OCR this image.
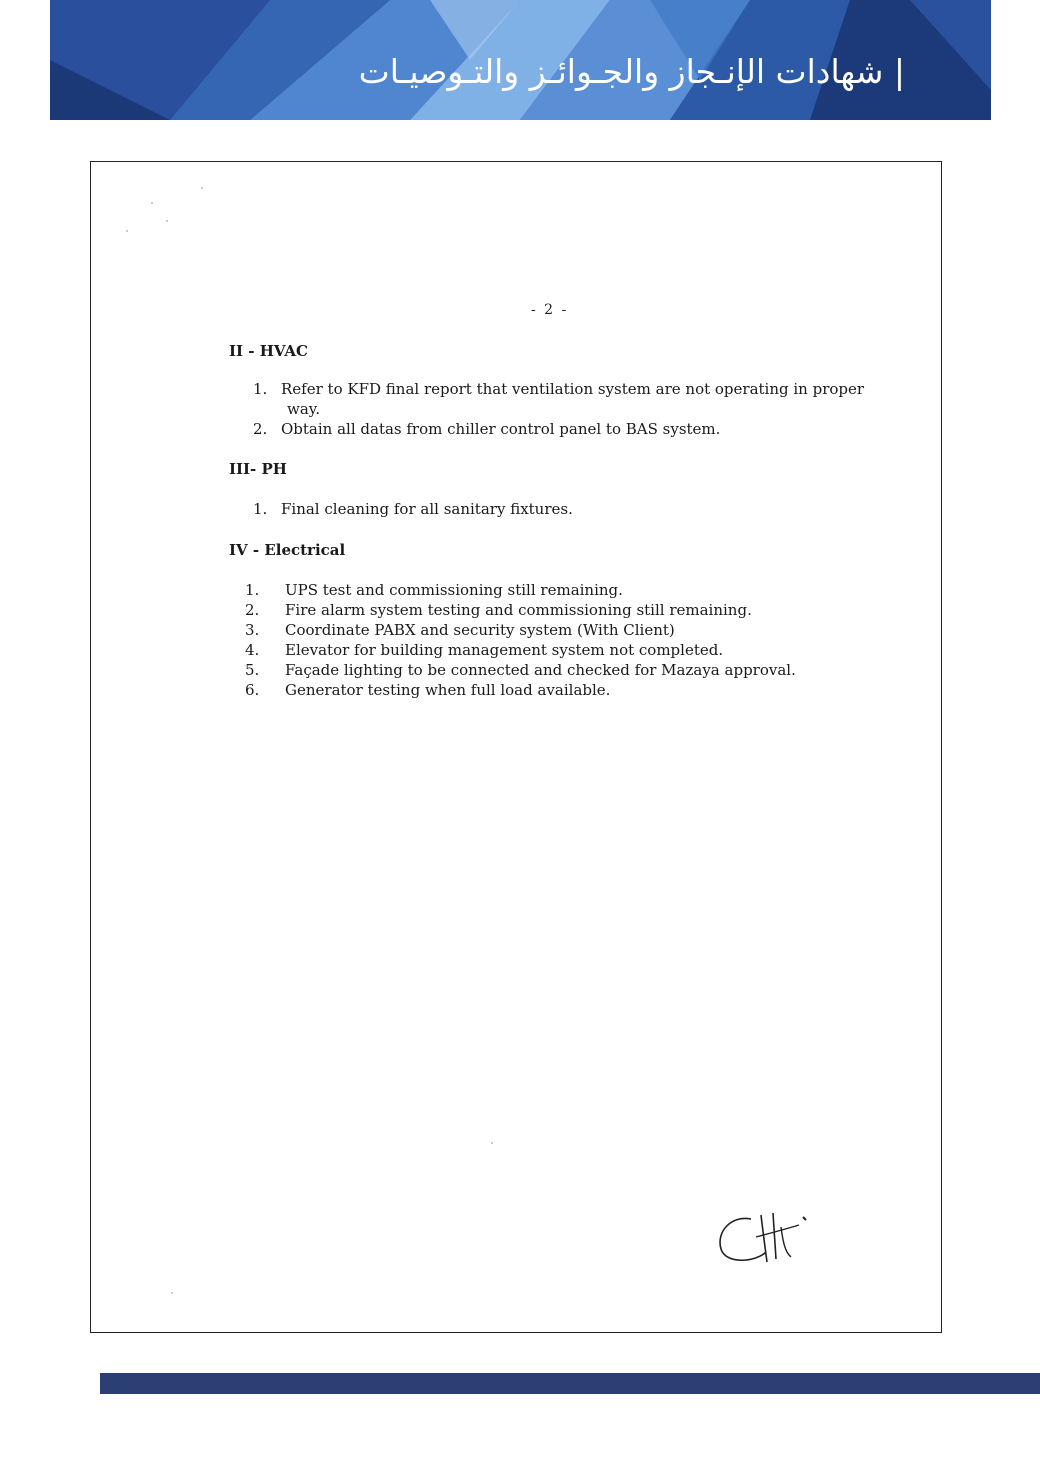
| شهادات الإنـجاز والجـوائـز والتـوصيـات
- 2 -
II - HVAC
1. Refer to KFD final report that ventilation system are not operating in proper
way.
2. Obtain all datas from chiller control panel to BAS system.
III- PH
1. Final cleaning for all sanitary fixtures.
IV - Electrical
1. UPS test and commissioning still remaining.
2. Fire alarm system testing and commissioning still remaining.
3. Coordinate PABX and security system (With Client)
4. Elevator for building management system not completed.
5. Façade lighting to be connected and checked for Mazaya approval.
6. Generator testing when full load available.
